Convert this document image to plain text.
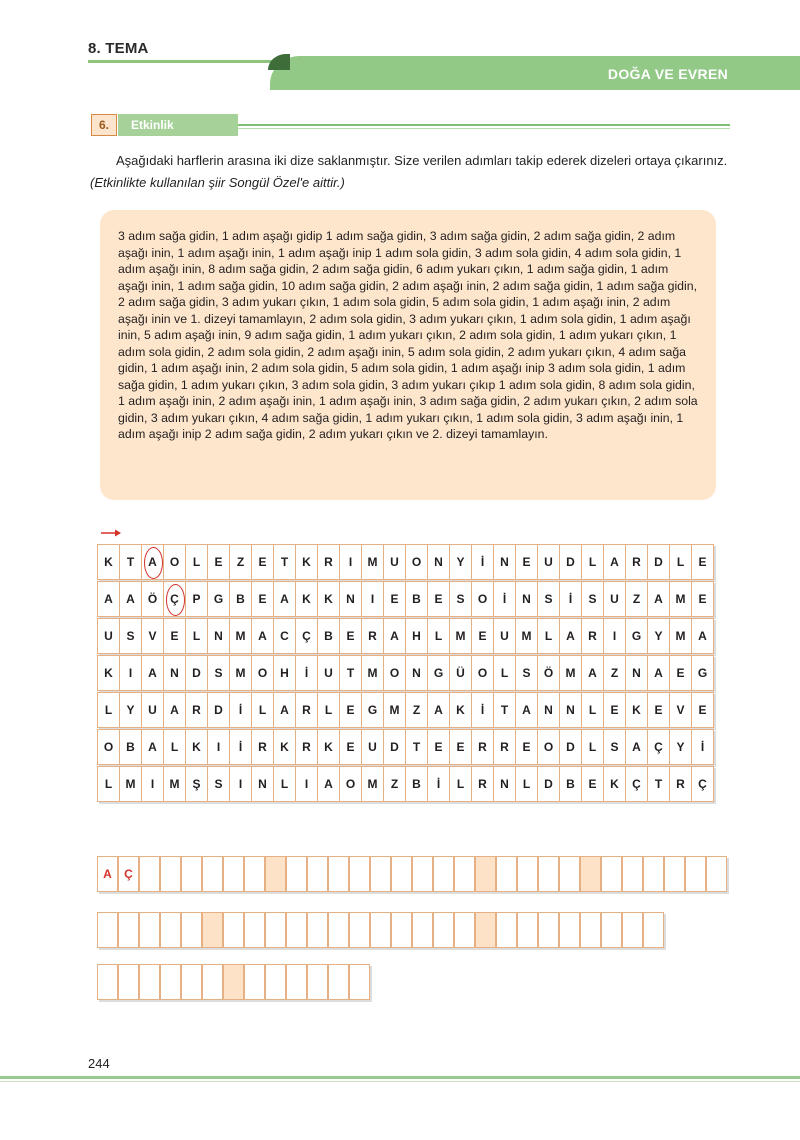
8. TEMA
DOĞA VE EVREN
6.	Etkinlik

Aşağıdaki harflerin arasına iki dize saklanmıştır. Size verilen adımları takip ederek dizeleri ortaya çıkarınız. (Etkinlikte kullanılan şiir Songül Özel'e aittir.)

3 adım sağa gidin, 1 adım aşağı gidip 1 adım sağa gidin, 3 adım sağa gidin, 2 adım sağa gidin, 2 adım aşağı inin, 1 adım aşağı inin, 1 adım aşağı inip 1 adım sola gidin, 3 adım sola gidin, 4 adım sola gidin, 1 adım aşağı inin, 8 adım sağa gidin, 2 adım sağa gidin, 6 adım yukarı çıkın, 1 adım sağa gidin, 1 adım aşağı inin, 1 adım sağa gidin, 10 adım sağa gidin, 2 adım aşağı inin, 2 adım sağa gidin, 1 adım sağa gidin, 2 adım sağa gidin, 3 adım yukarı çıkın, 1 adım sola gidin, 5 adım sola gidin, 1 adım aşağı inin, 2 adım aşağı inin ve 1. dizeyi tamamlayın, 2 adım sola gidin, 3 adım yukarı çıkın, 1 adım sola gidin, 1 adım aşağı inin, 5 adım aşağı inin, 9 adım sağa gidin, 1 adım yukarı çıkın, 2 adım sola gidin, 1 adım yukarı çıkın, 1 adım sola gidin, 2 adım sola gidin, 2 adım aşağı inin, 5 adım sola gidin, 2 adım yukarı çıkın, 4 adım sağa gidin, 1 adım aşağı inin, 2 adım sola gidin, 5 adım sola gidin, 1 adım aşağı inip 3 adım sola gidin, 1 adım sağa gidin, 1 adım yukarı çıkın, 3 adım sola gidin, 3 adım yukarı çıkıp 1 adım sola gidin, 8 adım sola gidin, 1 adım aşağı inin, 2 adım aşağı inin, 1 adım aşağı inin, 3 adım sağa gidin, 2 adım yukarı çıkın, 2 adım sola gidin, 3 adım yukarı çıkın, 4 adım sağa gidin, 1 adım yukarı çıkın, 1 adım sola gidin, 3 adım aşağı inin, 1 adım aşağı inip 2 adım sağa gidin, 2 adım yukarı çıkın ve 2. dizeyi tamamlayın.

K	T	A	O	L	E	Z	E	T	K	R	I	M	U	O	N	Y	İ	N	E	U	D	L	A	R	D	L	E
A	A	Ö	Ç	P	G	B	E	A	K	K	N	I	E	B	E	S	O	İ	N	S	İ	S	U	Z	A	M	E
U	S	V	E	L	N	M	A	C	Ç	B	E	R	A	H	L	M	E	U	M	L	A	R	I	G	Y	M	A
K	I	A	N	D	S	M	O	H	İ	U	T	M	O	N	G	Ü	O	L	S	Ö	M	A	Z	N	A	E	G
L	Y	U	A	R	D	İ	L	A	R	L	E	G	M	Z	A	K	İ	T	A	N	N	L	E	K	E	V	E
O	B	A	L	K	I	İ	R	K	R	K	E	U	D	T	E	E	R	R	E	O	D	L	S	A	Ç	Y	İ
L	M	I	M	Ş	S	I	N	L	I	A	O	M	Z	B	İ	L	R	N	L	D	B	E	K	Ç	T	R	Ç
A	Ç
244
